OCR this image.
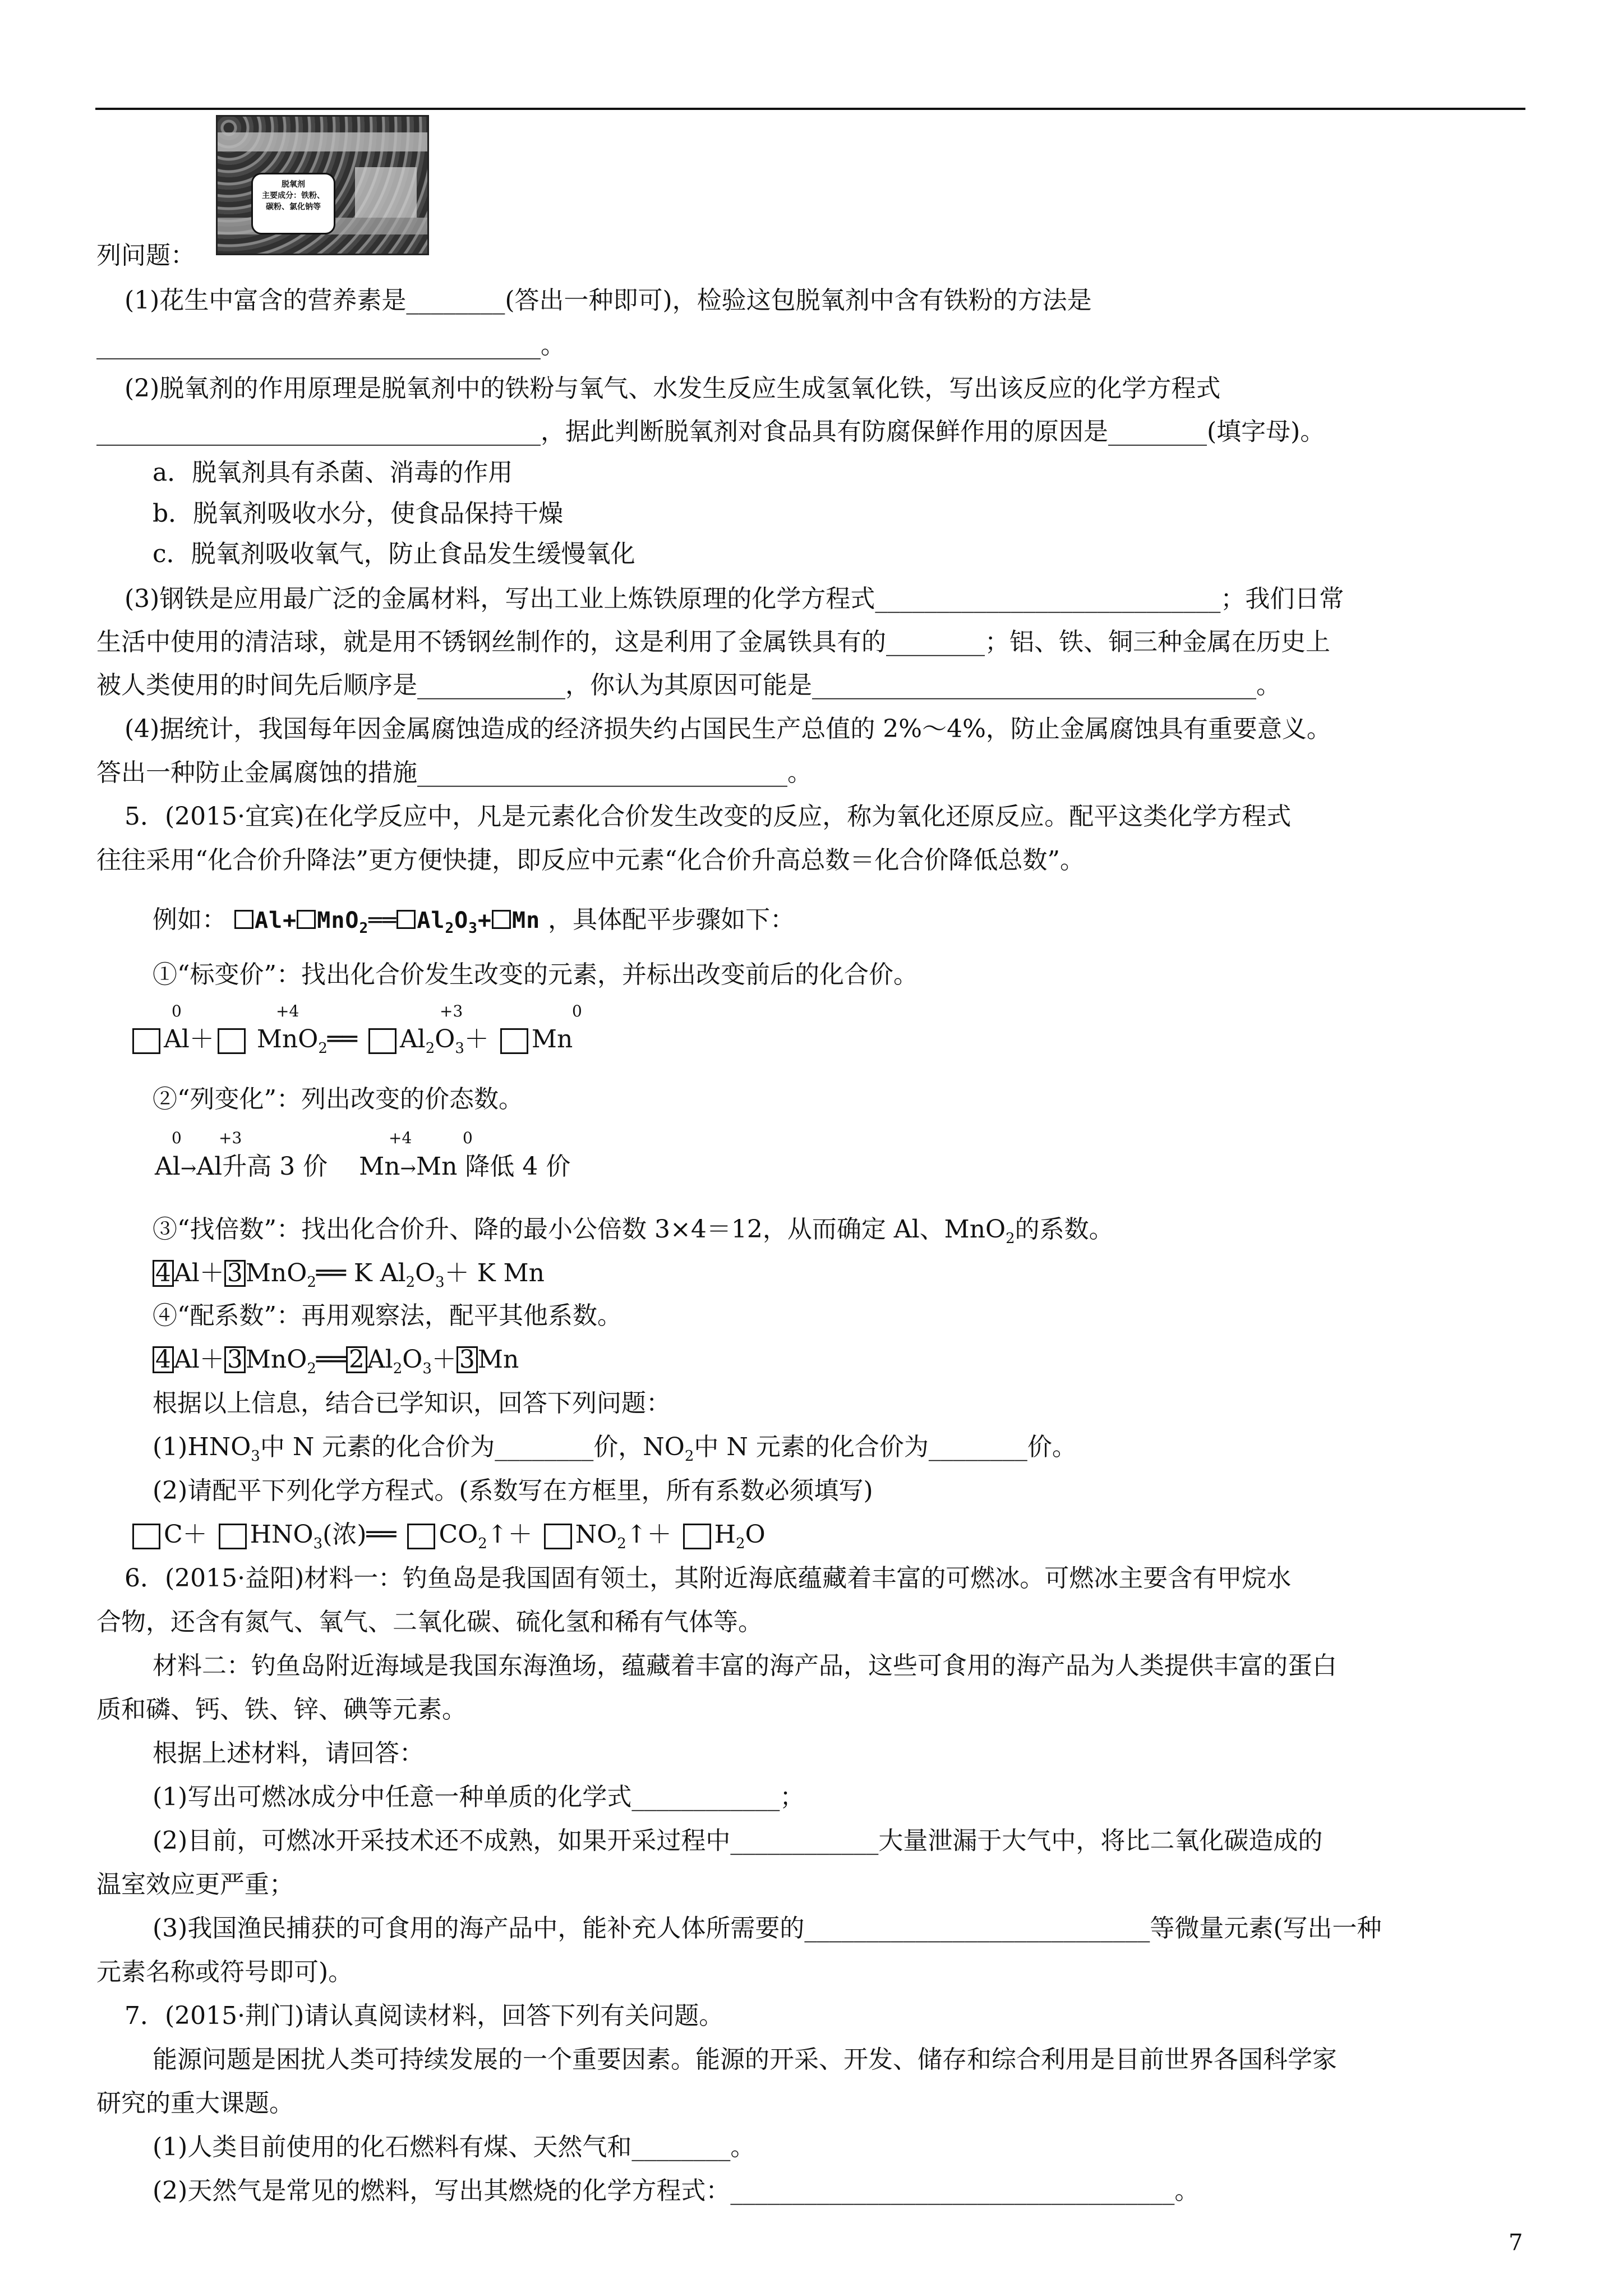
脱氧剂
主要成分：铁粉、
碳粉、氯化钠等
列问题：
(1)花生中富含的营养素是________(答出一种即可)，检验这包脱氧剂中含有铁粉的方法是
____________________________________。
(2)脱氧剂的作用原理是脱氧剂中的铁粉与氧气、水发生反应生成氢氧化铁，写出该反应的化学方程式
____________________________________，据此判断脱氧剂对食品具有防腐保鲜作用的原因是________(填字母)。
a．脱氧剂具有杀菌、消毒的作用
b．脱氧剂吸收水分，使食品保持干燥
c．脱氧剂吸收氧气，防止食品发生缓慢氧化
(3)钢铁是应用最广泛的金属材料，写出工业上炼铁原理的化学方程式____________________________；我们日常
生活中使用的清洁球，就是用不锈钢丝制作的，这是利用了金属铁具有的________；铝、铁、铜三种金属在历史上
被人类使用的时间先后顺序是____________，你认为其原因可能是____________________________________。
(4)据统计，我国每年因金属腐蚀造成的经济损失约占国民生产总值的 2%～4%，防止金属腐蚀具有重要意义。
答出一种防止金属腐蚀的措施______________________________。
5．(2015·宜宾)在化学反应中，凡是元素化合价发生改变的反应，称为氧化还原反应。配平这类化学方程式
往往采用“化合价升降法”更方便快捷，即反应中元素“化合价升高总数＝化合价降低总数”。
例如： Al+ MnO$_2$══ $Al_2O_3+ Mn$ ，具体配平步骤如下：
①“标变价”：找出化合价发生改变的元素，并标出改变前后的化合价。
0	+4	+3	0
Al＋ MnO$_2$══ $Al_2O_3+ Mn$
②“列变化”：列出改变的价态数。
0 +3	+4	0
Al→Al升高 3 价 Mn→Mn 降低 4 价
③“找倍数”：找出化合价升、降的最小公倍数 3×4＝12，从而确定 Al、MnO$_2$的系数。
4 Al＋ 3 MnO$_2$══ K $Al_2O_3+ K$ Mn
④“配系数”：再用观察法，配平其他系数。
4 Al＋ 3 MnO$_2$══ 2 $Al_2O_3+ 3$ Mn
根据以上信息，结合已学知识，回答下列问题：
$(1)HNO_3$中 N 元素的化合价为________价，$NO_2$中 N 元素的化合价为________价。
(2)请配平下列化学方程式。(系数写在方框里，所有系数必须填写)
$C+ HNO_3$(浓)══ $CO_2↑+$ $NO_2↑+ H_2O$
6．(2015·益阳)材料一：钓鱼岛是我国固有领土，其附近海底蕴藏着丰富的可燃冰。可燃冰主要含有甲烷水
合物，还含有氮气、氧气、二氧化碳、硫化氢和稀有气体等。
材料二：钓鱼岛附近海域是我国东海渔场，蕴藏着丰富的海产品，这些可食用的海产品为人类提供丰富的蛋白
质和磷、钙、铁、锌、碘等元素。
根据上述材料，请回答：
(1)写出可燃冰成分中任意一种单质的化学式____________；
(2)目前，可燃冰开采技术还不成熟，如果开采过程中____________大量泄漏于大气中，将比二氧化碳造成的
温室效应更严重；
(3)我国渔民捕获的可食用的海产品中，能补充人体所需要的____________________________等微量元素(写出一种
元素名称或符号即可)。
7．(2015·荆门)请认真阅读材料，回答下列有关问题。
能源问题是困扰人类可持续发展的一个重要因素。能源的开采、开发、储存和综合利用是目前世界各国科学家
研究的重大课题。
(1)人类目前使用的化石燃料有煤、天然气和________。
(2)天然气是常见的燃料，写出其燃烧的化学方程式：____________________________________。
7
